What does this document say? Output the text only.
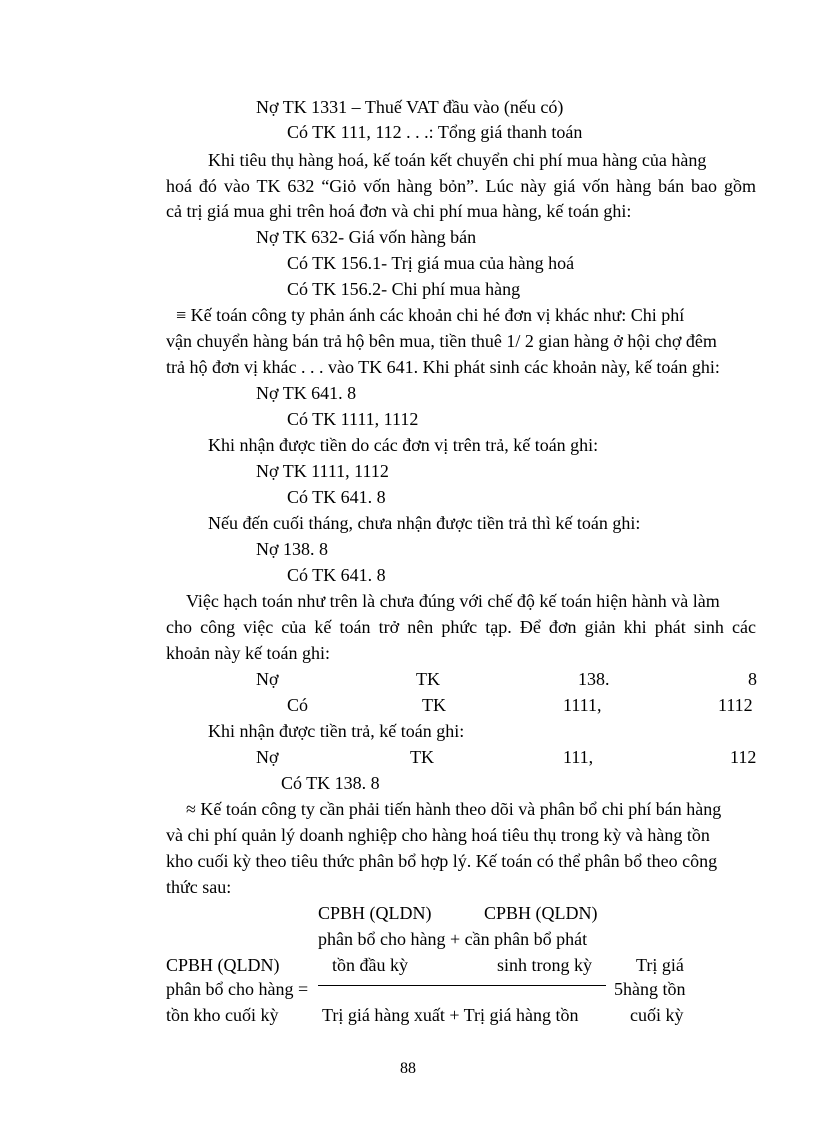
Nợ TK 1331 – Thuế VAT đầu vào (nếu có)
Có TK 111, 112 . . .: Tổng giá thanh toán
Khi tiêu thụ hàng hoá, kế toán kết chuyển chi phí mua hàng của hàng
hoá đó vào TK 632 “Giỏ vốn hàng bỏn”. Lúc này giá vốn hàng bán bao gồm
cả trị giá mua ghi trên hoá đơn và chi phí mua hàng, kế toán ghi:
Nợ TK 632- Giá vốn hàng bán
Có TK 156.1- Trị giá mua của hàng hoá
Có TK 156.2- Chi phí mua hàng
≡ Kế toán công ty phản ánh các khoản chi hé đơn vị khác như: Chi phí
vận chuyển hàng bán trả hộ bên mua, tiền thuê 1/ 2 gian hàng ở hội chợ đêm
trả hộ đơn vị khác . . . vào TK 641. Khi phát sinh các khoản này, kế toán ghi:
Nợ TK 641. 8
Có TK 1111, 1112
Khi nhận được tiền do các đơn vị trên trả, kế toán ghi:
Nợ TK 1111, 1112
Có TK 641. 8
Nếu đến cuối tháng, chưa nhận được tiền trả thì kế toán ghi:
Nợ 138. 8
Có TK 641. 8
Việc hạch toán như trên là chưa đúng với chế độ kế toán hiện hành và làm
cho công việc của kế toán trở nên phức tạp. Để đơn giản khi phát sinh các
khoản này kế toán ghi:
Nợ	TK	138.	8
Có	TK	1111,	1112
Khi nhận được tiền trả, kế toán ghi:
Nợ	TK	111,	112
Có TK 138. 8
≈ Kế toán công ty cần phải tiến hành theo dõi và phân bổ chi phí bán hàng
và chi phí quản lý doanh nghiệp cho hàng hoá tiêu thụ trong kỳ và hàng tồn
kho cuối kỳ theo tiêu thức phân bổ hợp lý. Kế toán có thể phân bổ theo công
thức sau:
CPBH (QLDN)	CPBH (QLDN)
phân bổ cho hàng + cần phân bổ phát
CPBH (QLDN)	tồn đầu kỳ	sinh trong kỳ Trị giá
phân bổ cho hàng =	5hàng tồn
tồn kho cuối kỳ Trị giá hàng xuất + Trị giá hàng tồn	cuối kỳ
88
